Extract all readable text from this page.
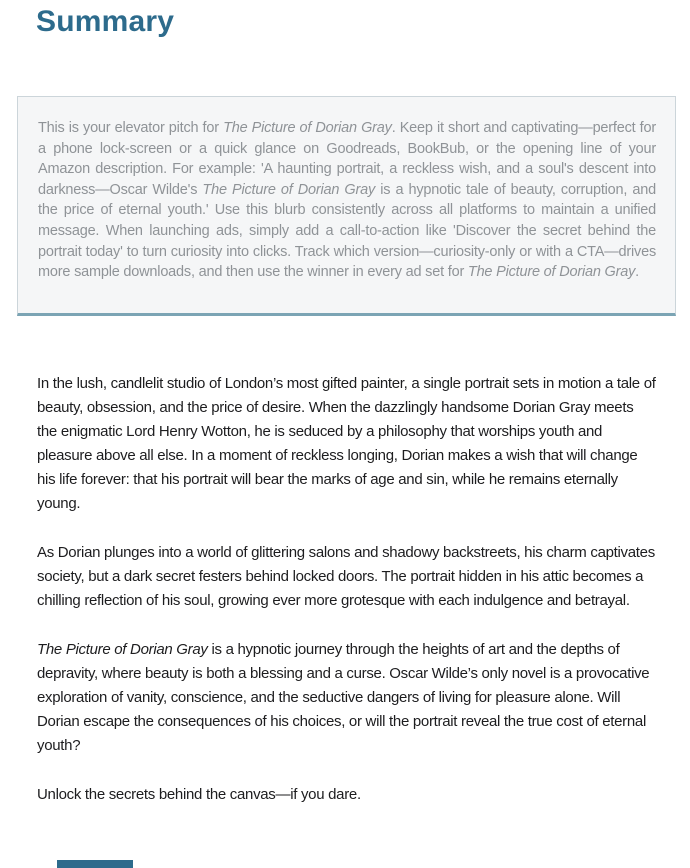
Summary

This is your elevator pitch for The Picture of Dorian Gray. Keep it short and captivating—perfect for a phone lock-screen or a quick glance on Goodreads, BookBub, or the opening line of your Amazon description. For example: 'A haunting portrait, a reckless wish, and a soul's descent into darkness—Oscar Wilde's The Picture of Dorian Gray is a hypnotic tale of beauty, corruption, and the price of eternal youth.' Use this blurb consistently across all platforms to maintain a unified message. When launching ads, simply add a call-to-action like 'Discover the secret behind the portrait today' to turn curiosity into clicks. Track which version—curiosity-only or with a CTA—drives more sample downloads, and then use the winner in every ad set for The Picture of Dorian Gray.

In the lush, candlelit studio of London’s most gifted painter, a single portrait sets in motion a tale of beauty, obsession, and the price of desire. When the dazzlingly handsome Dorian Gray meets the enigmatic Lord Henry Wotton, he is seduced by a philosophy that worships youth and pleasure above all else. In a moment of reckless longing, Dorian makes a wish that will change his life forever: that his portrait will bear the marks of age and sin, while he remains eternally young.

As Dorian plunges into a world of glittering salons and shadowy backstreets, his charm captivates society, but a dark secret festers behind locked doors. The portrait hidden in his attic becomes a chilling reflection of his soul, growing ever more grotesque with each indulgence and betrayal.

The Picture of Dorian Gray is a hypnotic journey through the heights of art and the depths of depravity, where beauty is both a blessing and a curse. Oscar Wilde’s only novel is a provocative exploration of vanity, conscience, and the seductive dangers of living for pleasure alone. Will Dorian escape the consequences of his choices, or will the portrait reveal the true cost of eternal youth?

Unlock the secrets behind the canvas—if you dare.
